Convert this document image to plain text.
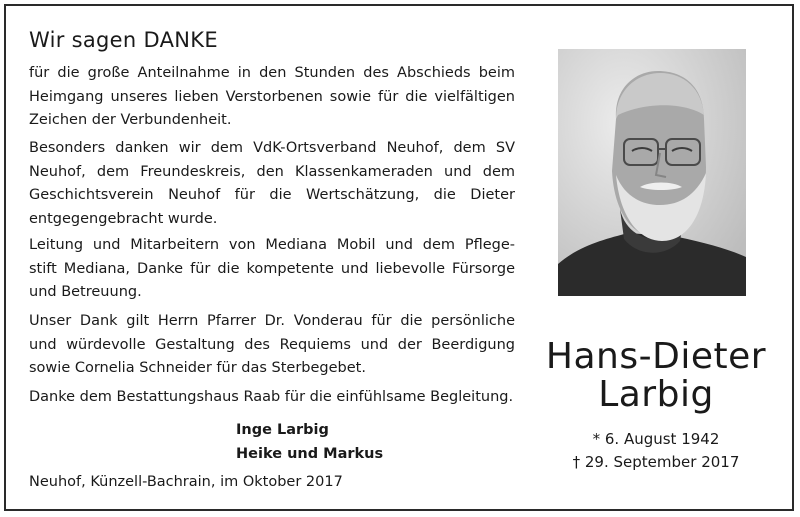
Wir sagen DANKE
für die große Anteilnahme in den Stunden des Abschieds beim
Heimgang unseres lieben Verstorbenen sowie für die vielfältigen
Zeichen der Verbundenheit.
Besonders danken wir dem VdK-Ortsverband Neuhof, dem SV
Neuhof, dem Freundeskreis, den Klassenkameraden und dem
Geschichtsverein Neuhof für die Wertschätzung, die Dieter
entgegengebracht wurde.
Leitung und Mitarbeitern von Mediana Mobil und dem Pflege-
stift Mediana, Danke für die kompetente und liebevolle Fürsorge
und Betreuung.
Unser Dank gilt Herrn Pfarrer Dr. Vonderau für die persönliche
und würdevolle Gestaltung des Requiems und der Beerdigung
sowie Cornelia Schneider für das Sterbegebet.
Danke dem Bestattungshaus Raab für die einfühlsame Begleitung.
Inge Larbig
Heike und Markus
Neuhof, Künzell-Bachrain, im Oktober 2017
Hans-Dieter
Larbig
* 6. August 1942
† 29. September 2017
